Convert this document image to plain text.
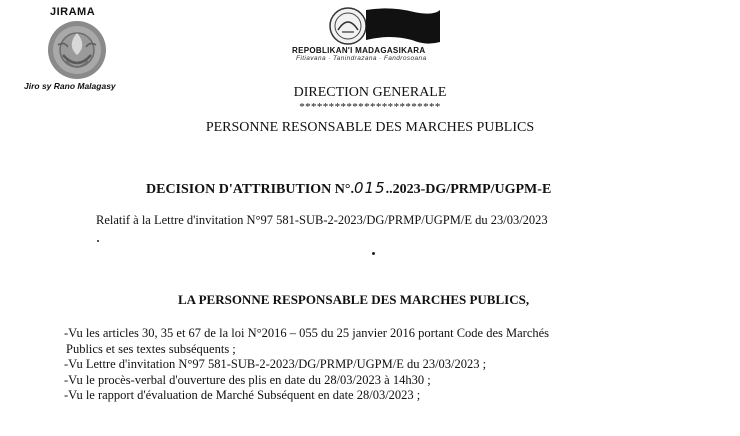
JIRAMA
Jiro sy Rano Malagasy
REPOBLIKAN'I MADAGASIKARA
Fitiavana · Tanindrazana · Fandrosoana
DIRECTION GENERALE
************************
PERSONNE RESONSABLE DES MARCHES PUBLICS
DECISION D'ATTRIBUTION N°.015..2023-DG/PRMP/UGPM-E
Relatif à la Lettre d'invitation N°97 581-SUB-2-2023/DG/PRMP/UGPM/E du 23/03/2023
LA PERSONNE RESPONSABLE DES MARCHES PUBLICS,
-Vu les articles 30, 35 et 67 de la loi N°2016 – 055 du 25 janvier 2016 portant Code des Marchés
Publics et ses textes subséquents ;
-Vu Lettre d'invitation N°97 581-SUB-2-2023/DG/PRMP/UGPM/E du 23/03/2023 ;
-Vu le procès-verbal d'ouverture des plis en date du 28/03/2023 à 14h30 ;
-Vu le rapport d'évaluation de Marché Subséquent en date 28/03/2023 ;
